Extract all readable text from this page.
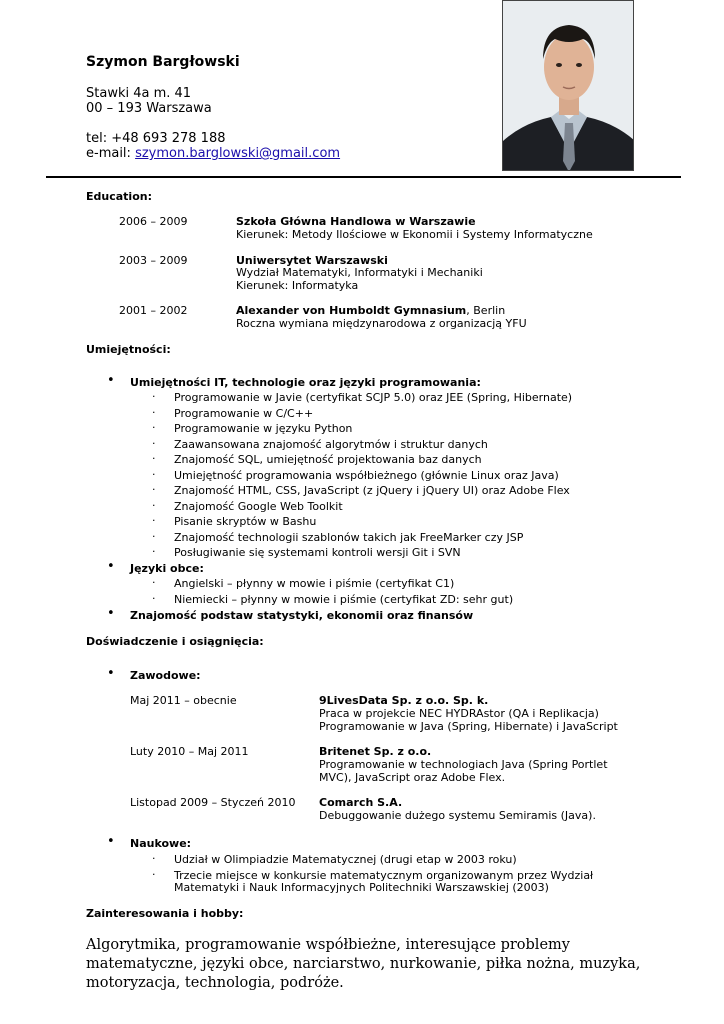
Szymon Bargłowski
Stawki 4a m. 41
00 – 193 Warszawa
tel: +48 693 278 188
e-mail: szymon.barglowski@gmail.com
Education:
2006 – 2009	Szkoła Główna Handlowa w Warszawie
Kierunek: Metody Ilościowe w Ekonomii i Systemy Informatyczne
2003 – 2009	Uniwersytet Warszawski
Wydział Matematyki, Informatyki i Mechaniki
Kierunek: Informatyka
2001 – 2002	Alexander von Humboldt Gymnasium, Berlin
Roczna wymiana międzynarodowa z organizacją YFU
Umiejętności:
• Umiejętności IT, technologie oraz języki programowania:
· Programowanie w Javie (certyfikat SCJP 5.0) oraz JEE (Spring, Hibernate)
· Programowanie w C/C++
· Programowanie w języku Python
· Zaawansowana znajomość algorytmów i struktur danych
· Znajomość SQL, umiejętność projektowania baz danych
· Umiejętność programowania współbieżnego (głównie Linux oraz Java)
· Znajomość HTML, CSS, JavaScript (z jQuery i jQuery UI) oraz Adobe Flex
· Znajomość Google Web Toolkit
· Pisanie skryptów w Bashu
· Znajomość technologii szablonów takich jak FreeMarker czy JSP
· Posługiwanie się systemami kontroli wersji Git i SVN
• Języki obce:
· Angielski – płynny w mowie i piśmie (certyfikat C1)
· Niemiecki – płynny w mowie i piśmie (certyfikat ZD: sehr gut)
• Znajomość podstaw statystyki, ekonomii oraz finansów
Doświadczenie i osiągnięcia:
• Zawodowe:
Maj 2011 – obecnie	9LivesData Sp. z o.o. Sp. k.
Praca w projekcie NEC HYDRAstor (QA i Replikacja)
Programowanie w Java (Spring, Hibernate) i JavaScript
Luty 2010 – Maj 2011	Britenet Sp. z o.o.
Programowanie w technologiach Java (Spring Portlet
MVC), JavaScript oraz Adobe Flex.
Listopad 2009 – Styczeń 2010 Comarch S.A.
Debuggowanie dużego systemu Semiramis (Java).
• Naukowe:
· Udział w Olimpiadzie Matematycznej (drugi etap w 2003 roku)
· Trzecie miejsce w konkursie matematycznym organizowanym przez Wydział
Matematyki i Nauk Informacyjnych Politechniki Warszawskiej (2003)
Zainteresowania i hobby:
Algorytmika, programowanie współbieżne, interesujące problemy matematyczne, języki obce, narciarstwo, nurkowanie, piłka nożna, muzyka, motoryzacja, technologia, podróże.
